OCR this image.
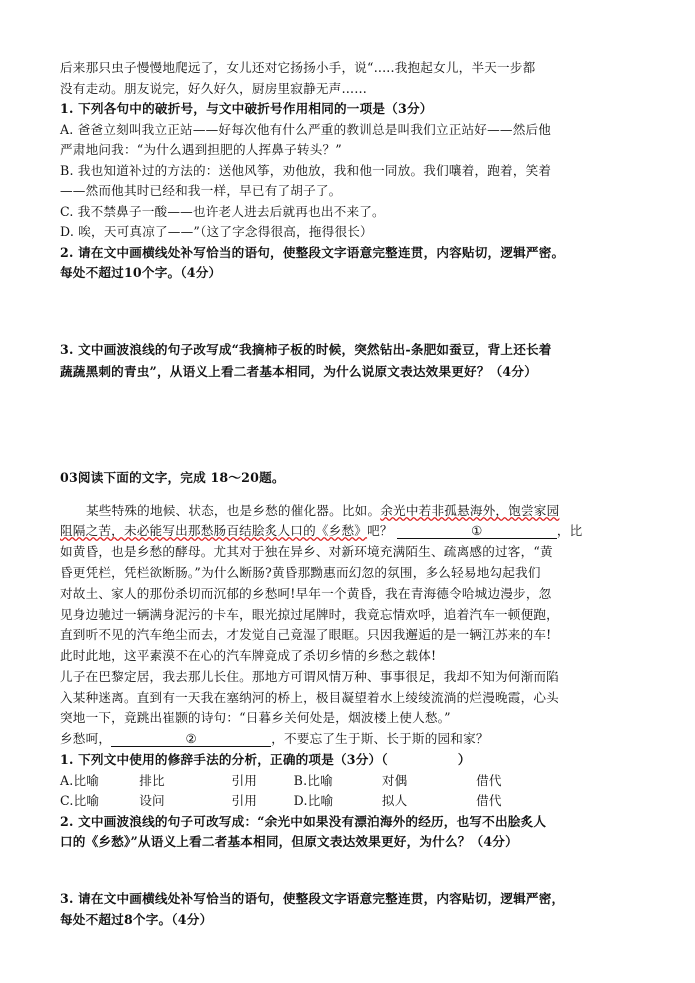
后来那只虫子慢慢地爬远了，女儿还对它扬扬小手，说“.....我抱起女儿，半天一步都
没有走动。朋友说完，好久好久，厨房里寂静无声……
1. 下列各句中的破折号，与文中破折号作用相同的一项是（3分）
A. 爸爸立刻叫我立正站——好每次他有什么严重的教训总是叫我们立正站好——然后他
严肃地问我：“为什么遇到担肥的人挥鼻子转头？”
B. 我也知道补过的方法的：送他风筝，劝他放，我和他一同放。我们嚷着，跑着，笑着
——然而他其时已经和我一样，早已有了胡子了。
C. 我不禁鼻子一酸——也许老人进去后就再也出不来了。
D. 唉，天可真凉了——”（这了字念得很高，拖得很长）
2. 请在文中画横线处补写恰当的语句，使整段文字语意完整连贯，内容贴切，逻辑严密。
每处不超过10个字。（4分）
3. 文中画波浪线的句子改写成“我摘柿子板的时候，突然钻出-条肥如蚕豆，背上还长着
蔬蔬黑刺的青虫”，从语义上看二者基本相同，为什么说原文表达效果更好？（4分）
03阅读下面的文字，完成 18～20题。
某些特殊的地候、状态，也是乡愁的催化器。比如。余光中若非孤悬海外，饱尝家园
阻隔之苦，未必能写出那愁肠百结脍炙人口的《乡愁》吧？	①	，比
如黄昏，也是乡愁的酵母。尤其对于独在异乡、对新环境充满陌生、疏离感的过客，“黄
昏更凭栏，凭栏欲断肠。”为什么断肠?黄昏那黝惠而幻忽的氛围，多么轻易地勾起我们
对故土、家人的那份杀切而沉郁的乡愁呵!早年一个黄昏，我在青海德令哈城边漫步，忽
见身边驰过一辆满身泥污的卡车，眼光掠过尾牌时，我竟忘情欢呼，追着汽车一顿便跑，
直到听不见的汽车绝尘而去，才发觉自己竟湿了眼眶。只因我邂逅的是一辆江苏来的车!
此时此地，这平素漠不在心的汽车牌竟成了杀切乡情的乡愁之载体!
儿子在巴黎定居，我去那儿长住。那地方可谓风情万种、事事很足，我却不知为何渐而陷
入某种迷离。直到有一天我在塞纳河的桥上，极目凝望着水上绫绫流淌的烂漫晚霞，心头
突地一下，竟跳出崔颢的诗句：“日暮乡关何处是，烟波楼上使人愁。”
乡愁呵，	②	，不要忘了生于斯、长于斯的园和家？
1. 下列文中使用的修辞手法的分析，正确的项是（3分）（	）
A.比喻	排比	引用	B.比喻	对偶	借代
C.比喻	设问	引用	D.比喻	拟人	借代
2. 文中画波浪线的句子可改写成：“余光中如果没有漂泊海外的经历，也写不出脍炙人
口的《乡愁》”从语义上看二者基本相同，但原文表达效果更好，为什么？（4分）
3. 请在文中画横线处补写恰当的语句，使整段文字语意完整连贯，内容贴切，逻辑严密，
每处不超过8个字。（4分）
